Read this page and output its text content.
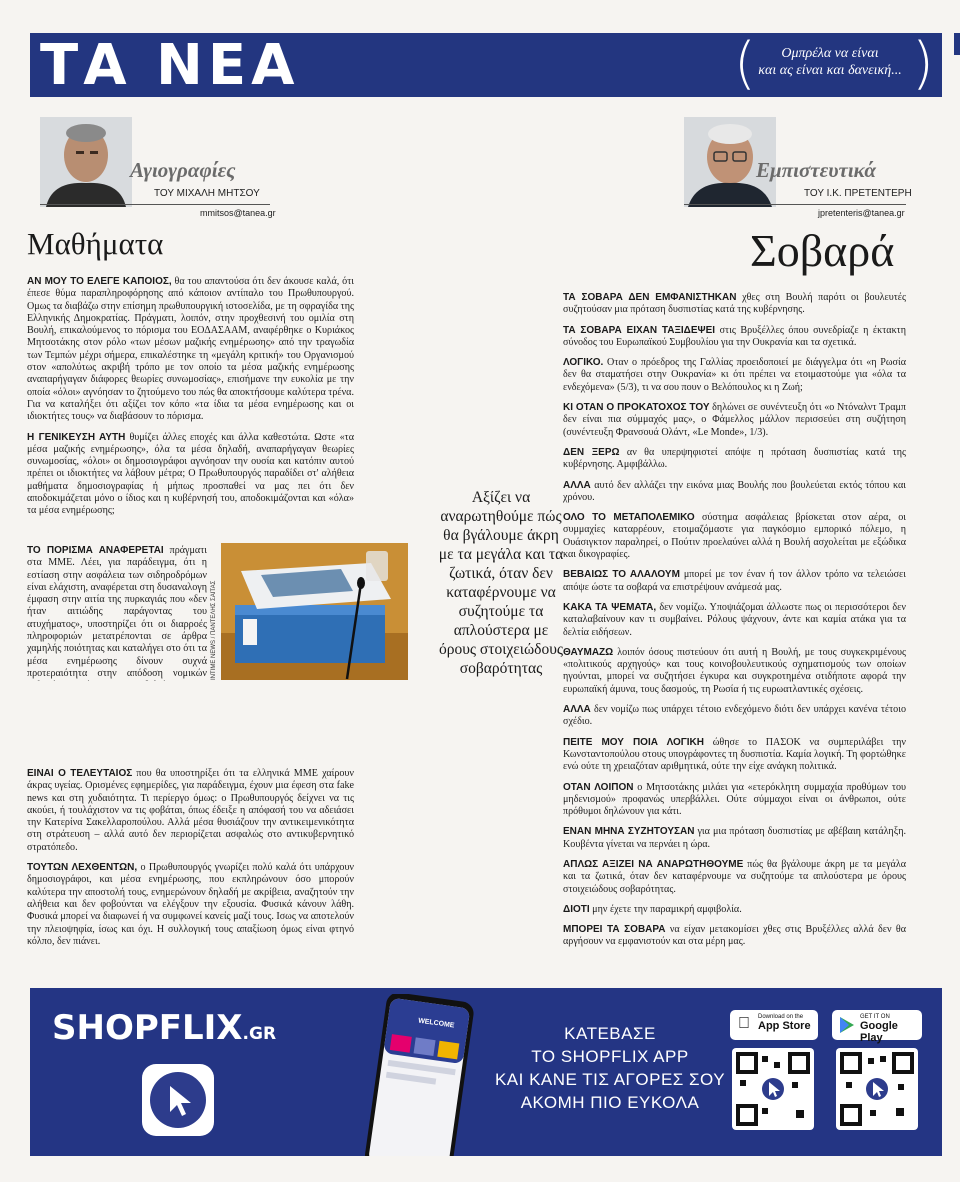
ΤΑ ΝΕΑ	(	)
Ομπρέλα να είναι
και ας είναι και δανεική...
Αγιογραφίες
ΤΟΥ ΜΙΧΑΛΗ ΜΗΤΣΟΥ
mmitsos@tanea.gr
Μαθήματα

ΑΝ ΜΟΥ ΤΟ ΕΛΕΓΕ ΚΑΠΟΙΟΣ, θα του απαντούσα ότι δεν άκουσε καλά, ότι έπεσε θύμα παραπληροφόρησης από κάποιον αντίπαλο του Πρωθυπουργού. Ομως τα διαβάζω στην επίσημη πρωθυπουργική ιστοσελίδα, με τη σφραγίδα της Ελληνικής Δημοκρατίας. Πράγματι, λοιπόν, στην προχθεσινή του ομιλία στη Βουλή, επικαλούμενος το πόρισμα του ΕΟΔΑΣΑΑΜ, αναφέρθηκε ο Κυριάκος Μητσοτάκης στον ρόλο «των μέσων μαζικής ενημέρωσης» από την τραγωδία των Τεμπών μέχρι σήμερα, επικαλέστηκε τη «μεγάλη κριτική» του Οργανισμού στον «απολύτως ακριβή τρόπο με τον οποίο τα μέσα μαζικής ενημέρωσης αναπαρήγαγαν διάφορες θεωρίες συνωμοσίας», επισήμανε την ευκολία με την οποία «όλοι» αγνόησαν το ζητούμενο του πώς θα αποκτήσουμε καλύτερα τρένα. Για να καταλήξει ότι αξίζει τον κόπο «τα ίδια τα μέσα ενημέρωσης και οι ιδιοκτήτες τους» να διαβάσουν το πόρισμα.

Η ΓΕΝΙΚΕΥΣΗ ΑΥΤΗ θυμίζει άλλες εποχές και άλλα καθεστώτα. Ωστε «τα μέσα μαζικής ενημέρωσης», όλα τα μέσα δηλαδή, αναπαρήγαγαν θεωρίες συνωμοσίας, «όλοι» οι δημοσιογράφοι αγνόησαν την ουσία και κατόπιν αυτού πρέπει οι ιδιοκτήτες να λάβουν μέτρα; Ο Πρωθυπουργός παραδίδει στ' αλήθεια μαθήματα δημοσιογραφίας ή μήπως προσπαθεί να μας πει ότι δεν αποδοκιμάζεται μόνο ο ίδιος και η κυβέρνησή του, αποδοκιμάζονται και «όλα» τα μέσα ενημέρωσης;

ΤΟ ΠΟΡΙΣΜΑ ΑΝΑΦΕΡΕΤΑΙ πράγματι στα ΜΜΕ. Λέει, για παράδειγμα, ότι η εστίαση στην ασφάλεια των σιδηροδρόμων είναι ελάχιστη, αναφέρεται στη δυσαναλογη έμφαση στην αιτία της πυρκαγιάς που «δεν ήταν αιτιώδης παράγοντας του ατυχήματος», υποστηρίζει ότι οι διαρροές πληροφοριών μετατρέπονται σε άρθρα χαμηλής ποιότητας και καταλήγει στο ότι τα μέσα ενημέρωσης δίνουν συχνά προτεραιότητα στην απόδοση νομικών

ΕΙΝΑΙ Ο ΤΕΛΕΥΤΑΙΟΣ που θα υποστηρίξει ότι τα ελληνικά ΜΜΕ χαίρουν άκρας υγείας. Ορισμένες εφημερίδες, για παράδειγμα, έχουν μια έφεση στα fake news και στη χυδαιότητα. Τι περίεργο όμως: ο Πρωθυπουργός δείχνει να τις ακούει, ή τουλάχιστον να τις φοβάται, όπως έδειξε η απόφασή του να αδειάσει την Κατερίνα Σακελλαροπούλου. Αλλά μέσα θυσιάζουν την αντικειμενικότητα στη στράτευση – αλλά αυτό δεν περιορίζεται ασφαλώς στο αντικυβερνητικό στρατόπεδο.

ΤΟΥΤΩΝ ΛΕΧΘΕΝΤΩΝ, ο Πρωθυπουργός γνωρίζει πολύ καλά ότι υπάρχουν δημοσιογράφοι, και μέσα ενημέρωσης, που εκπληρώνουν όσο μπορούν καλύτερα την αποστολή τους, ενημερώνουν δηλαδή με ακρίβεια, αναζητούν την αλήθεια και δεν φοβούνται να ελέγξουν την εξουσία. Φυσικά κάνουν λάθη. Φυσικά μπορεί να διαφωνεί ή να συμφωνεί κανείς μαζί τους. Ισως να αποτελούν την πλειοψηφία, ίσως και όχι. Η συλλογική τους απαξίωση όμως είναι φτηνό κόλπο, δεν πιάνει.

ΙΝΤΙΜΕ NEWS / ΠΑΝΤΕΛΗΣ ΣΑΪΤΑΣ
Αξίζει να αναρωτηθούμε πώς θα βγάλουμε άκρη με τα μεγάλα και τα ζωτικά, όταν δεν καταφέρνουμε να συζητούμε τα απλούστερα με όρους στοιχειώδους σοβαρότητας
Εμπιστευτικά
ΤΟΥ Ι.Κ. ΠΡΕΤΕΝΤΕΡΗ
jpretenteris@tanea.gr
Σοβαρά

ΤΑ ΣΟΒΑΡΑ ΔΕΝ ΕΜΦΑΝΙΣΤΗΚΑΝ χθες στη Βουλή παρότι οι βουλευτές συζητούσαν μια πρόταση δυσπιστίας κατά της κυβέρνησης.

ΤΑ ΣΟΒΑΡΑ ΕΙΧΑΝ ΤΑΞΙΔΕΨΕΙ στις Βρυξέλλες όπου συνεδρίαζε η έκτακτη σύνοδος του Ευρωπαϊκού Συμβουλίου για την Ουκρανία και τα σχετικά.

ΛΟΓΙΚΟ. Οταν ο πρόεδρος της Γαλλίας προειδοποιεί με διάγγελμα ότι «η Ρωσία δεν θα σταματήσει στην Ουκρανία» κι ότι πρέπει να ετοιμαστούμε για «όλα τα ενδεχόμενα» (5/3), τι να σου πουν ο Βελόπουλος κι η Ζωή;

ΚΙ ΟΤΑΝ Ο ΠΡΟΚΑΤΟΧΟΣ ΤΟΥ δηλώνει σε συνέντευξη ότι «ο Ντόναλντ Τραμπ δεν είναι πια σύμμαχός μας», ο Φάμελλος μάλλον περισσεύει στη συζήτηση (συνέντευξη Φρανσουά Ολάντ, «Le Monde», 1/3).

ΔΕΝ ΞΕΡΩ αν θα υπερψηφιστεί απόψε η πρόταση δυσπιστίας κατά της κυβέρνησης. Αμφιβάλλω.

ΑΛΛΑ αυτό δεν αλλάζει την εικόνα μιας Βουλής που βουλεύεται εκτός τόπου και χρόνου.

ΟΛΟ ΤΟ ΜΕΤΑΠΟΛΕΜΙΚΟ σύστημα ασφάλειας βρίσκεται στον αέρα, οι συμμαχίες καταρρέουν, ετοιμαζόμαστε για παγκόσμιο εμπορικό πόλεμο, η Ουάσιγκτον παραληρεί, ο Πούτιν προελαύνει αλλά η Βουλή ασχολείται με εξώδικα και δικογραφίες.

ΒΕΒΑΙΩΣ ΤΟ ΑΛΑΛΟΥΜ μπορεί με τον έναν ή τον άλλον τρόπο να τελειώσει απόψε ώστε τα σοβαρά να επιστρέψουν ανάμεσά μας.

ΚΑΚΑ ΤΑ ΨΕΜΑΤΑ, δεν νομίζω. Υποψιάζομαι άλλωστε πως οι περισσότεροι δεν καταλαβαίνουν καν τι συμβαίνει. Ρόλους ψάχνουν, άντε και καμία ατάκα για τα δελτία ειδήσεων.

ΘΑΥΜΑΖΩ λοιπόν όσους πιστεύουν ότι αυτή η Βουλή, με τους συγκεκριμένους «πολιτικούς αρχηγούς» και τους κοινοβουλευτικούς σχηματισμούς των οποίων ηγούνται, μπορεί να συζητήσει έγκυρα και συγκροτημένα οτιδήποτε αφορά την ευρωπαϊκή άμυνα, τους δασμούς, τη Ρωσία ή τις ευρωατλαντικές σχέσεις.

ΑΛΛΑ δεν νομίζω πως υπάρχει τέτοιο ενδεχόμενο διότι δεν υπάρχει κανένα τέτοιο σχέδιο.

ΠΕΙΤΕ ΜΟΥ ΠΟΙΑ ΛΟΓΙΚΗ ώθησε το ΠΑΣΟΚ να συμπεριλάβει την Κωνσταντοπούλου στους υπογράφοντες τη δυσπιστία. Καμία λογική. Τη φορτώθηκε ενώ ούτε τη χρειαζόταν αριθμητικά, ούτε την είχε ανάγκη πολιτικά.

ΟΤΑΝ ΛΟΙΠΟΝ ο Μητσοτάκης μιλάει για «ετερόκλητη συμμαχία προθύμων του μηδενισμού» προφανώς υπερβάλλει. Ούτε σύμμαχοι είναι οι άνθρωποι, ούτε πρόθυμοι δηλώνουν για κάτι.

ΕΝΑΝ ΜΗΝΑ ΣΥΖΗΤΟΥΣΑΝ για μια πρόταση δυσπιστίας με αβέβαιη κατάληξη. Κουβέντα γίνεται να περνάει η ώρα.

ΑΠΛΩΣ ΑΞΙΖΕΙ ΝΑ ΑΝΑΡΩΤΗΘΟΥΜΕ πώς θα βγάλουμε άκρη με τα μεγάλα και τα ζωτικά, όταν δεν καταφέρνουμε να συζητούμε τα απλούστερα με όρους στοιχειώδους σοβαρότητας.

ΔΙΟΤΙ μην έχετε την παραμικρή αμφιβολία.

ΜΠΟΡΕΙ ΤΑ ΣΟΒΑΡΑ να είχαν μετακομίσει χθες στις Βρυξέλλες αλλά δεν θα αργήσουν να εμφανιστούν και στα μέρη μας.

SHOPFLIX.GR
WELCOME
ΚΑΤΕΒΑΣΕ
ΤΟ SHOPFLIX APP
ΚΑΙ ΚΑΝΕ ΤΙΣ ΑΓΟΡΕΣ ΣΟΥ
ΑΚΟΜΗ ΠΙΟ ΕΥΚΟΛΑ
Download on the
App Store
GET IT ON
Google Play
